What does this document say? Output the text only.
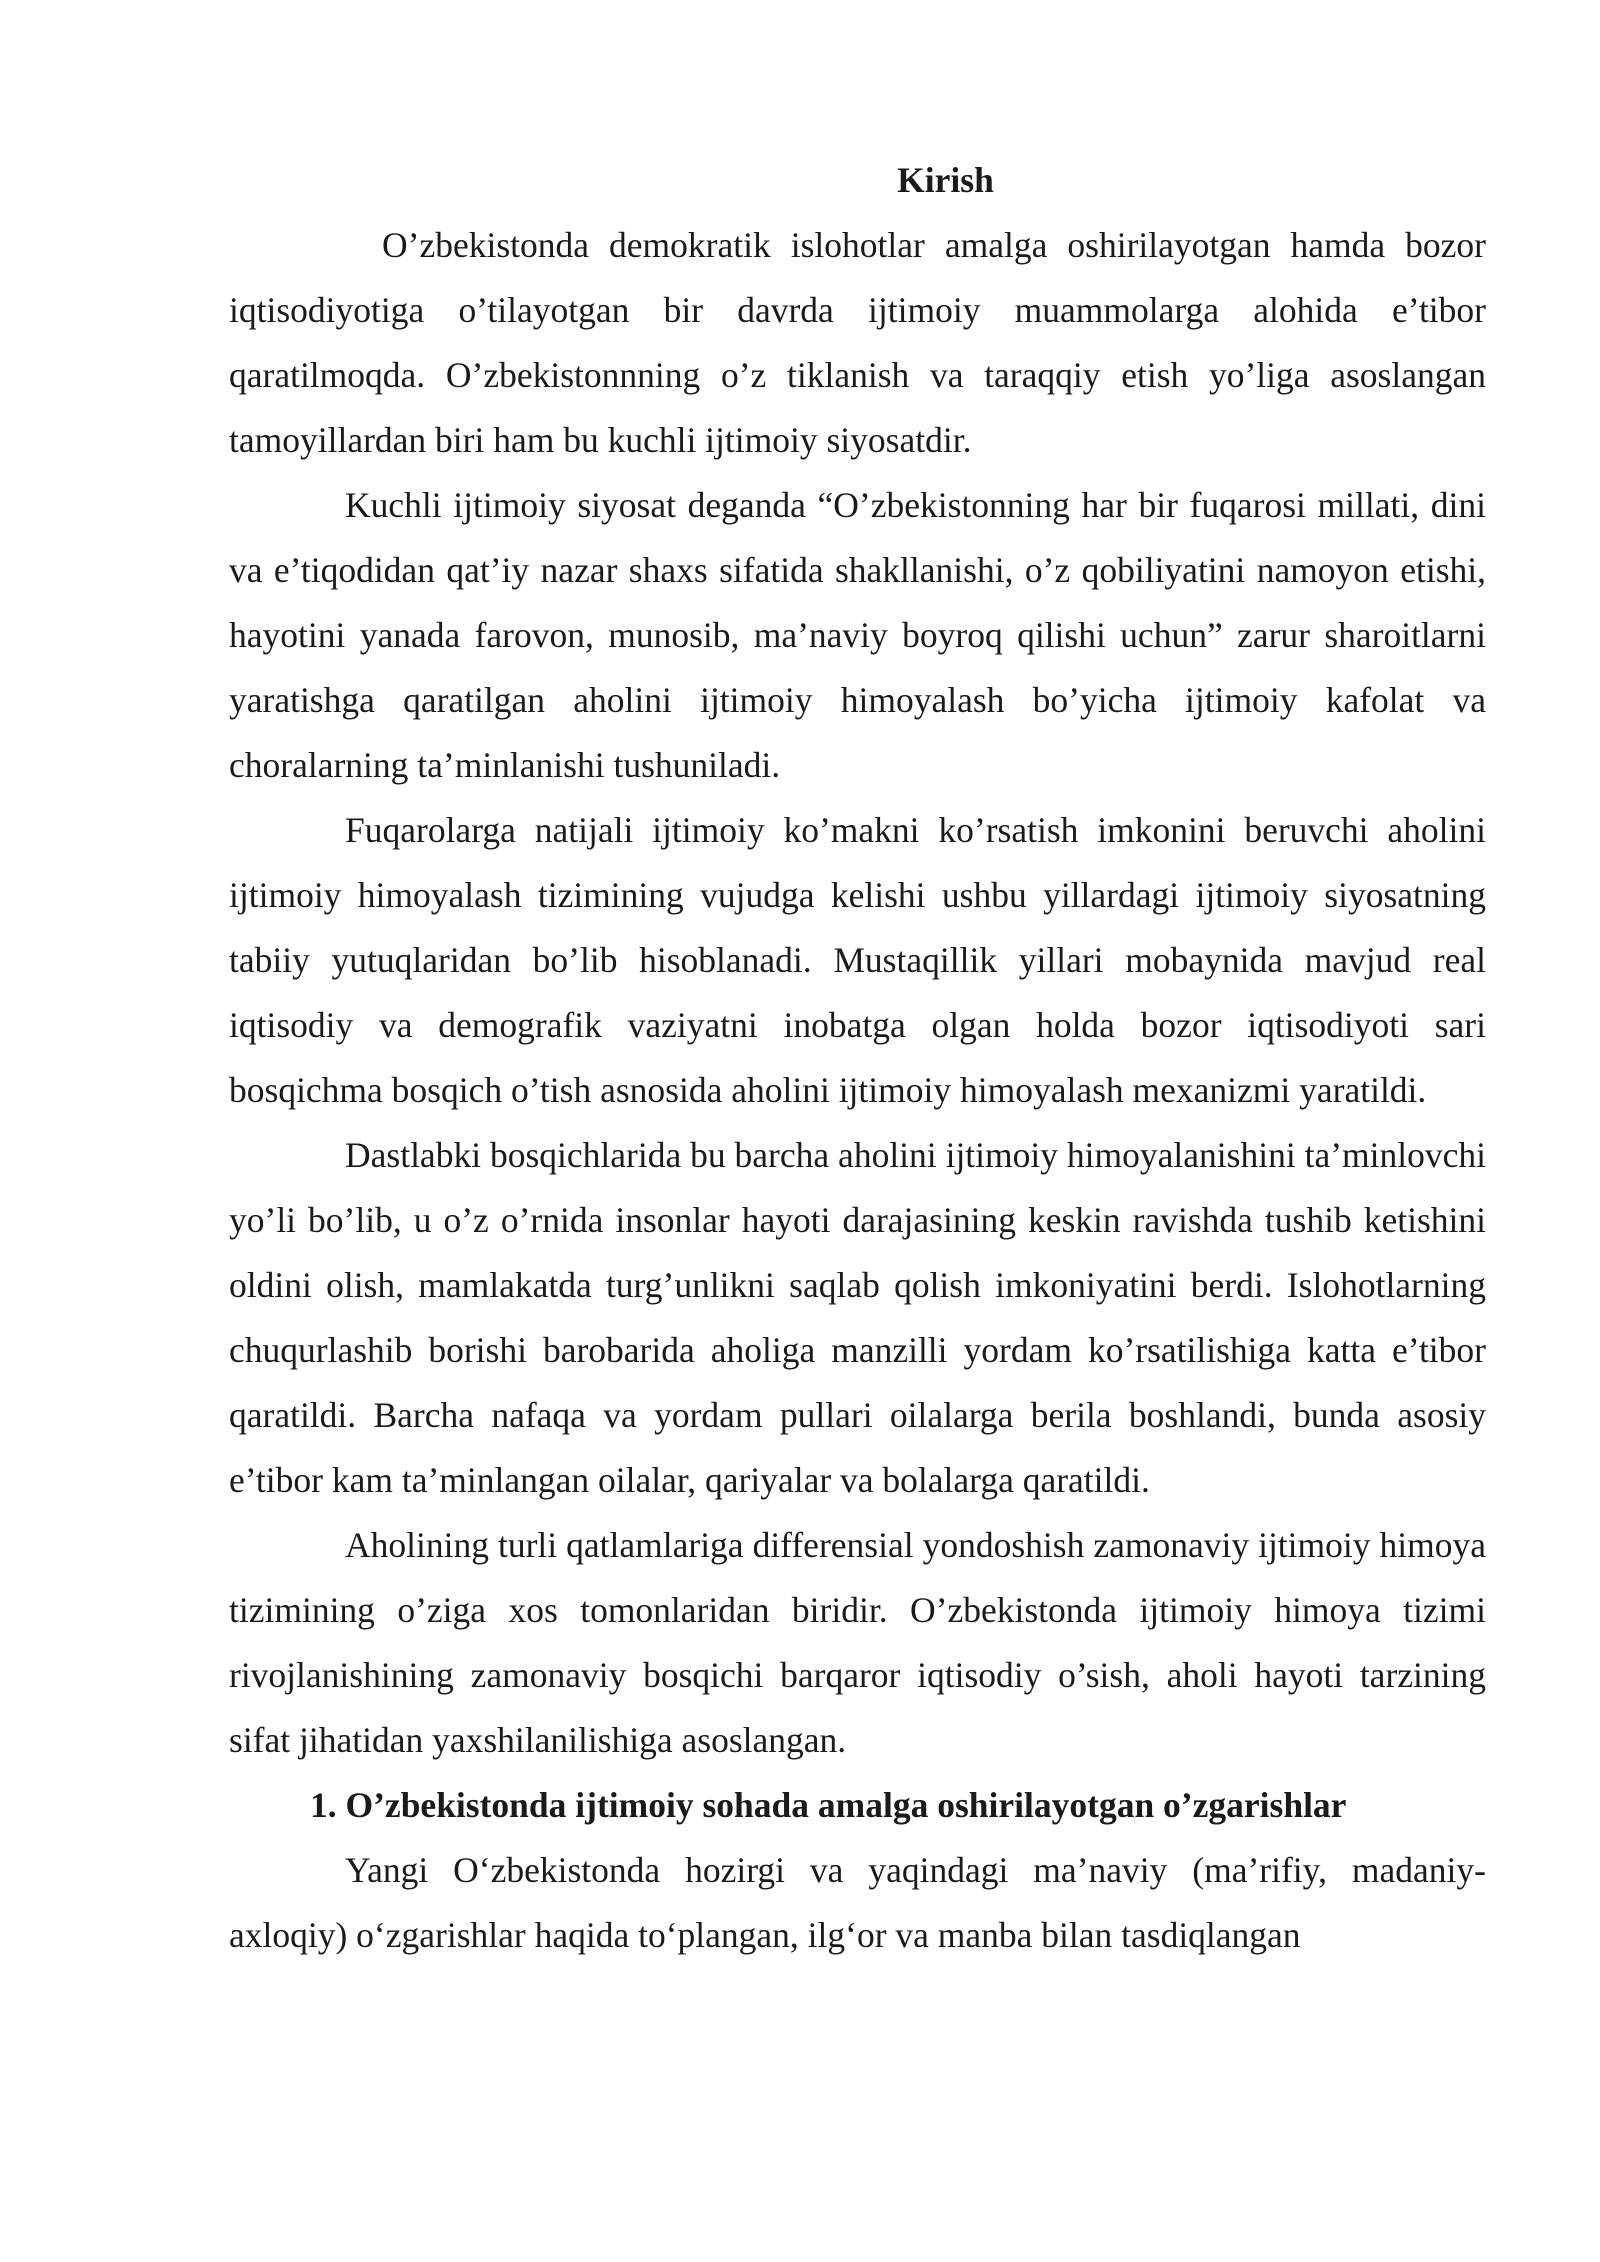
Kirish

O’zbekistonda demokratik islohotlar amalga oshirilayotgan hamda bozor iqtisodiyotiga o’tilayotgan bir davrda ijtimoiy muammolarga alohida e’tibor qaratilmoqda. O’zbekistonnning o’z tiklanish va taraqqiy etish yo’liga asoslangan tamoyillardan biri ham bu kuchli ijtimoiy siyosatdir.

Kuchli ijtimoiy siyosat deganda “O’zbekistonning har bir fuqarosi millati, dini va e’tiqodidan qat’iy nazar shaxs sifatida shakllanishi, o’z qobiliyatini namoyon etishi, hayotini yanada farovon, munosib, ma’naviy boyroq qilishi uchun” zarur sharoitlarni yaratishga qaratilgan aholini ijtimoiy himoyalash bo’yicha ijtimoiy kafolat va choralarning ta’minlanishi tushuniladi.

Fuqarolarga natijali ijtimoiy ko’makni ko’rsatish imkonini beruvchi aholini ijtimoiy himoyalash tizimining vujudga kelishi ushbu yillardagi ijtimoiy siyosatning tabiiy yutuqlaridan bo’lib hisoblanadi. Mustaqillik yillari mobaynida mavjud real iqtisodiy va demografik vaziyatni inobatga olgan holda bozor iqtisodiyoti sari bosqichma bosqich o’tish asnosida aholini ijtimoiy himoyalash mexanizmi yaratildi.

Dastlabki bosqichlarida bu barcha aholini ijtimoiy himoyalanishini ta’minlovchi yo’li bo’lib, u o’z o’rnida insonlar hayoti darajasining keskin ravishda tushib ketishini oldini olish, mamlakatda turg’unlikni saqlab qolish imkoniyatini berdi. Islohotlarning chuqurlashib borishi barobarida aholiga manzilli yordam ko’rsatilishiga katta e’tibor qaratildi. Barcha nafaqa va yordam pullari oilalarga berila boshlandi, bunda asosiy e’tibor kam ta’minlangan oilalar, qariyalar va bolalarga qaratildi.

Aholining turli qatlamlariga differensial yondoshish zamonaviy ijtimoiy himoya tizimining o’ziga xos tomonlaridan biridir. O’zbekistonda ijtimoiy himoya tizimi rivojlanishining zamonaviy bosqichi barqaror iqtisodiy o’sish, aholi hayoti tarzining sifat jihatidan yaxshilanilishiga asoslangan.

1. O’zbekistonda ijtimoiy sohada amalga oshirilayotgan o’zgarishlar

Yangi O‘zbekistonda hozirgi va yaqindagi ma’naviy (ma’rifiy, madaniy-axloqiy) o‘zgarishlar haqida to‘plangan, ilg‘or va manba bilan tasdiqlangan
